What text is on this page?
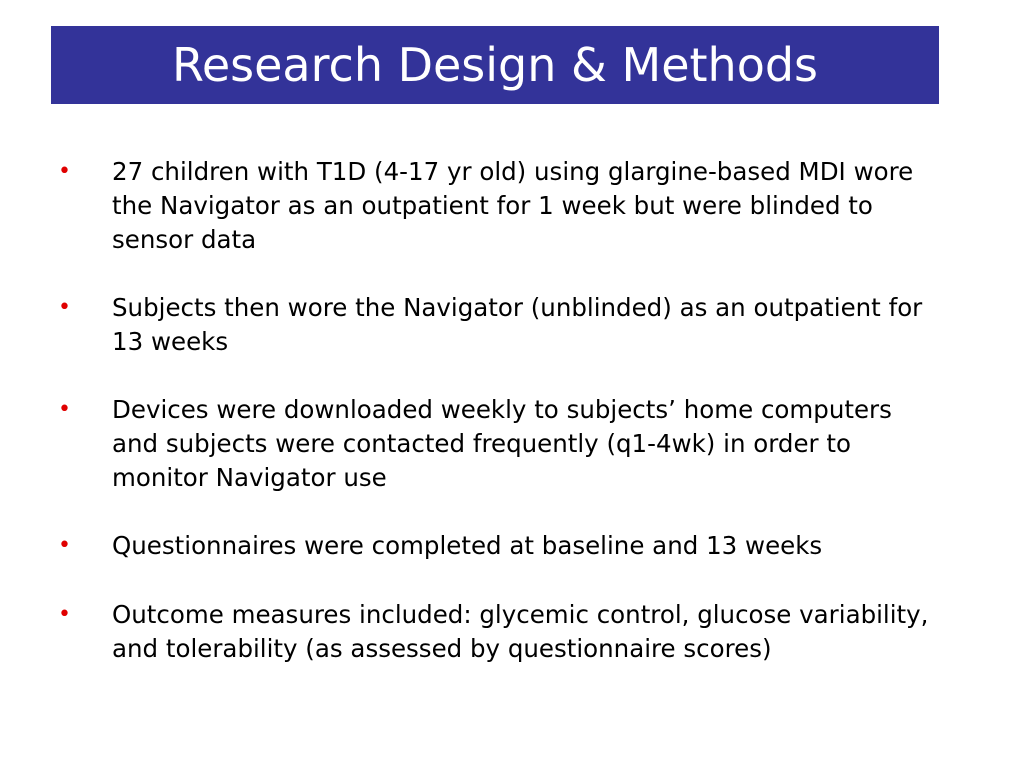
Research Design & Methods
•	27 children with T1D (4-17 yr old) using glargine-based MDI wore the Navigator as an outpatient for 1 week but were blinded to sensor data
•	Subjects then wore the Navigator (unblinded) as an outpatient for 13 weeks
•	Devices were downloaded weekly to subjects’ home computers and subjects were contacted frequently (q1-4wk) in order to monitor Navigator use
•	Questionnaires were completed at baseline and 13 weeks
•	Outcome measures included: glycemic control, glucose variability, and tolerability (as assessed by questionnaire scores)
